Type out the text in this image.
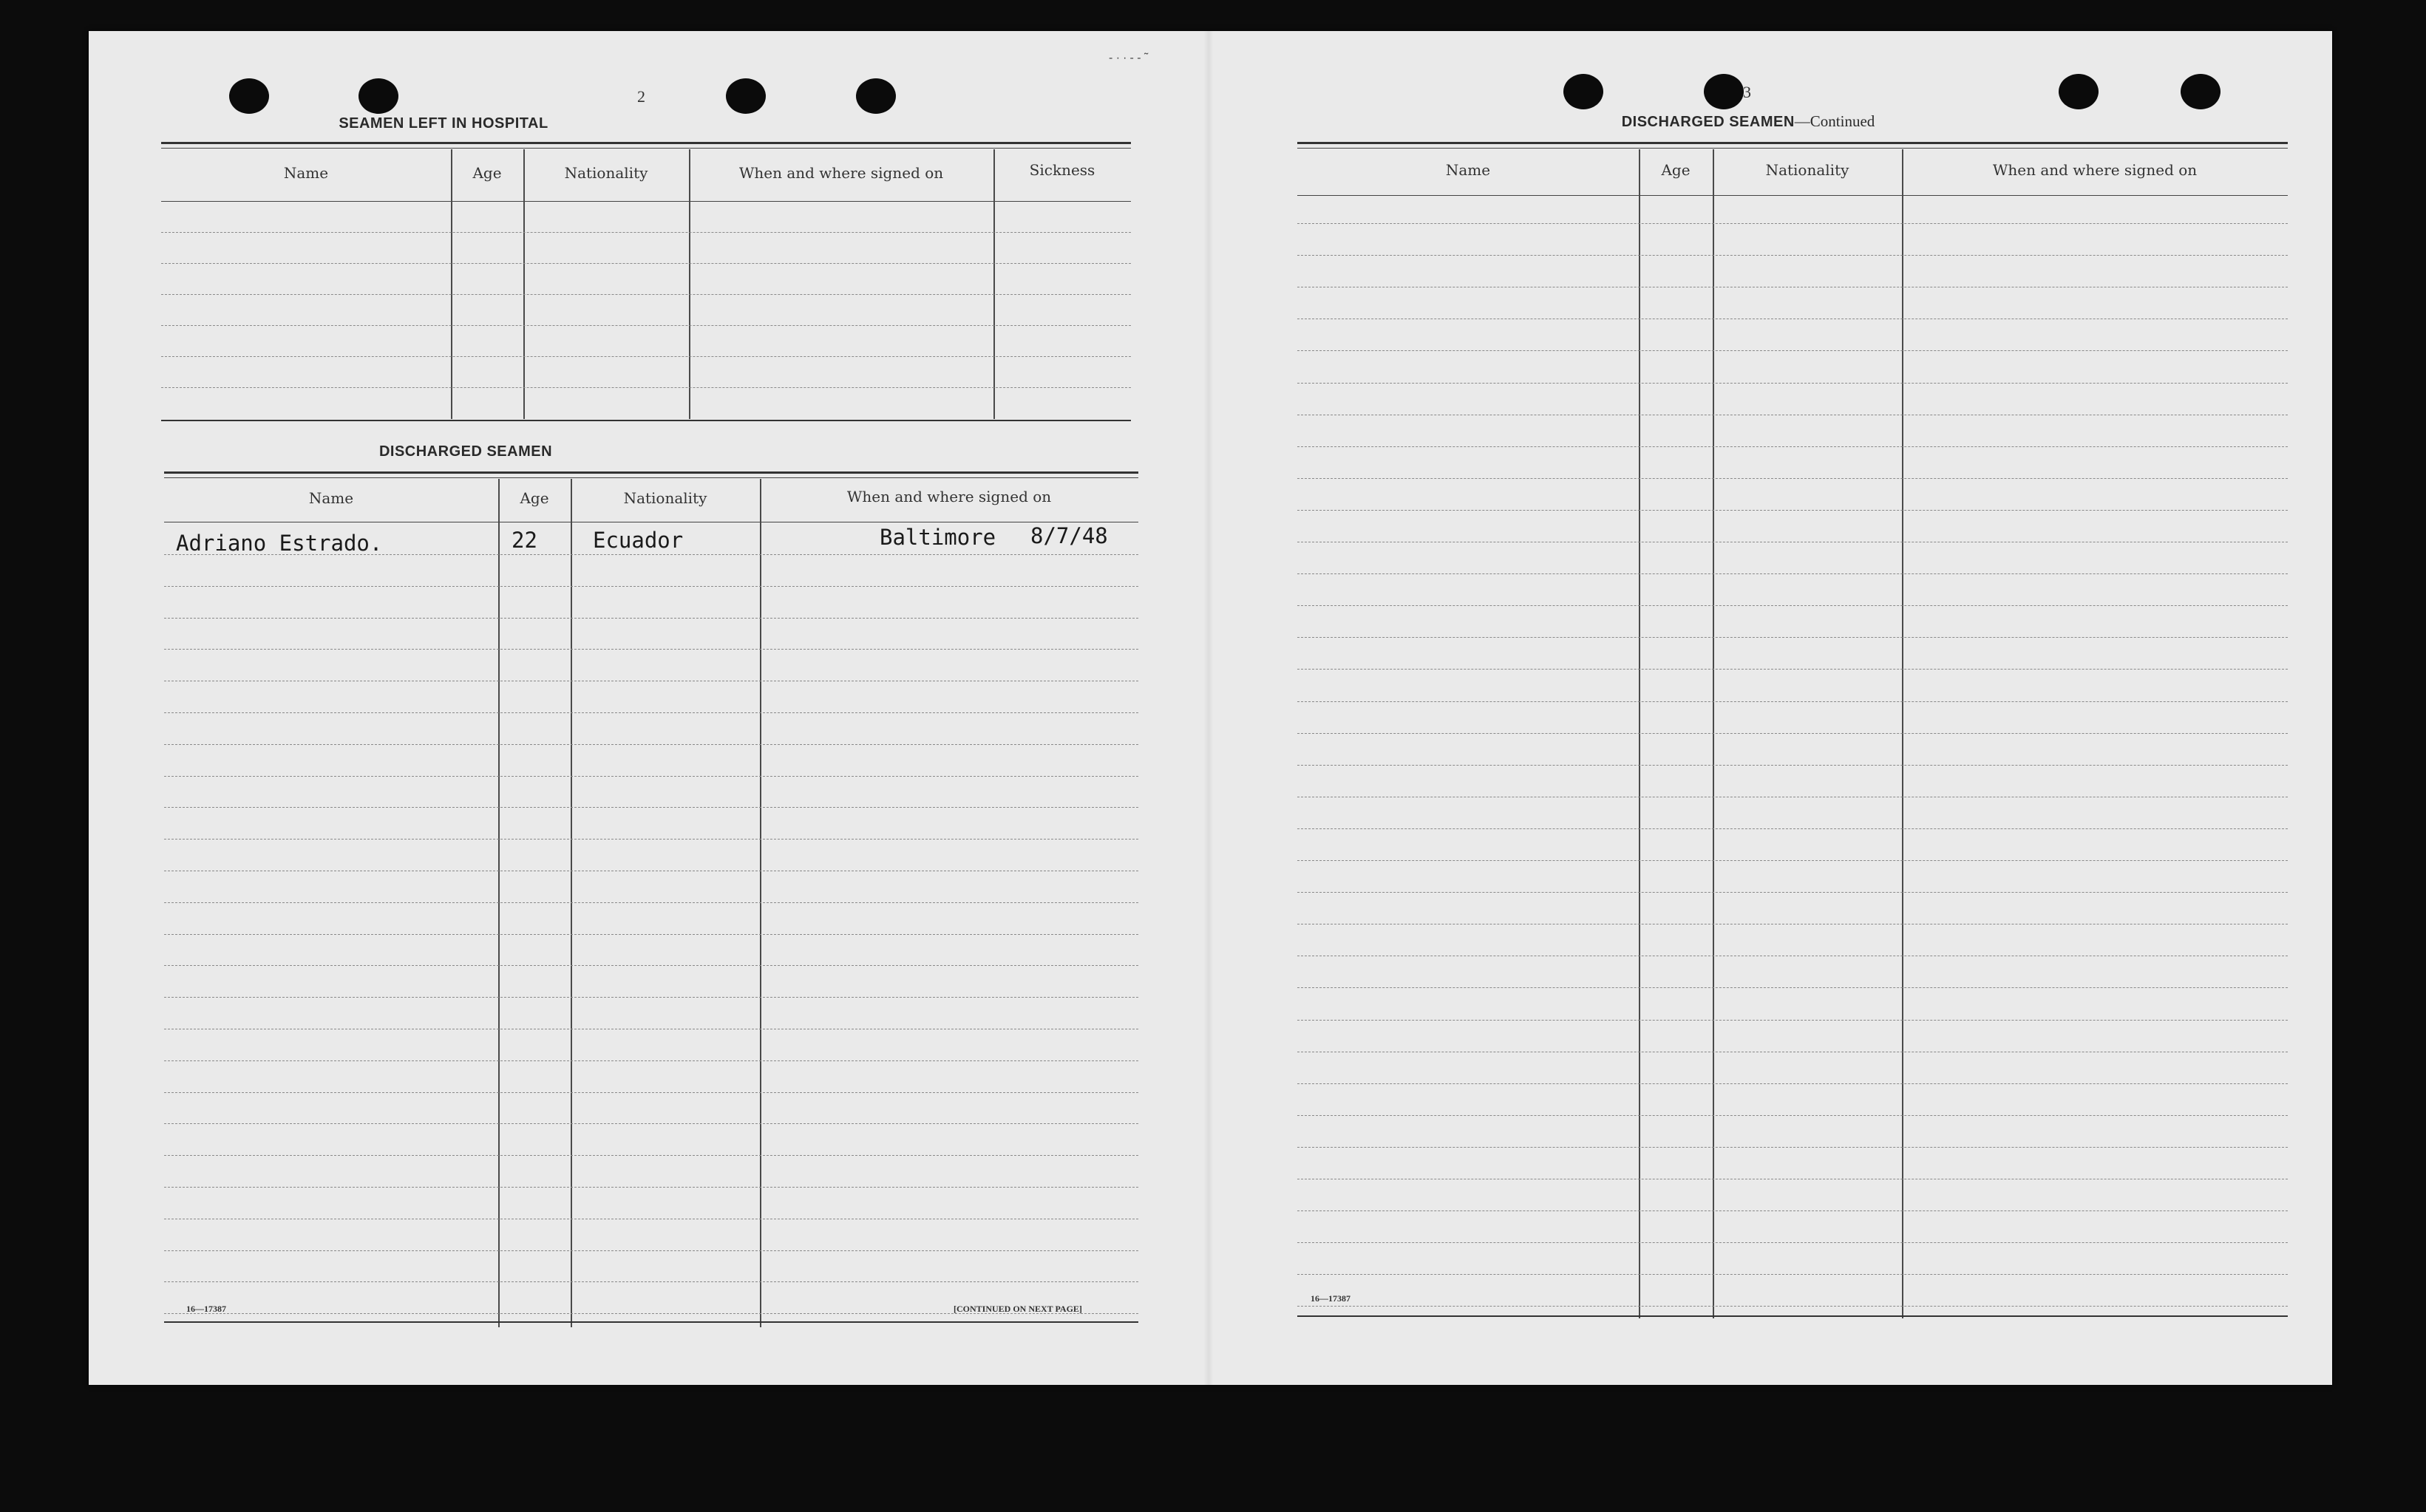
‐ · ∙ ‐ ‐ ˜
2
SEAMEN LEFT IN HOSPITAL
Name	Age	Nationality	When and where signed on	Sickness
DISCHARGED SEAMEN
Name	Age	Nationality	When and where signed on
Adriano Estrado.	22	Ecuador	Baltimore 8/7/48
16—17387	[CONTINUED ON NEXT PAGE]
3
DISCHARGED SEAMEN—Continued
Name	Age	Nationality	When and where signed on
16—17387
